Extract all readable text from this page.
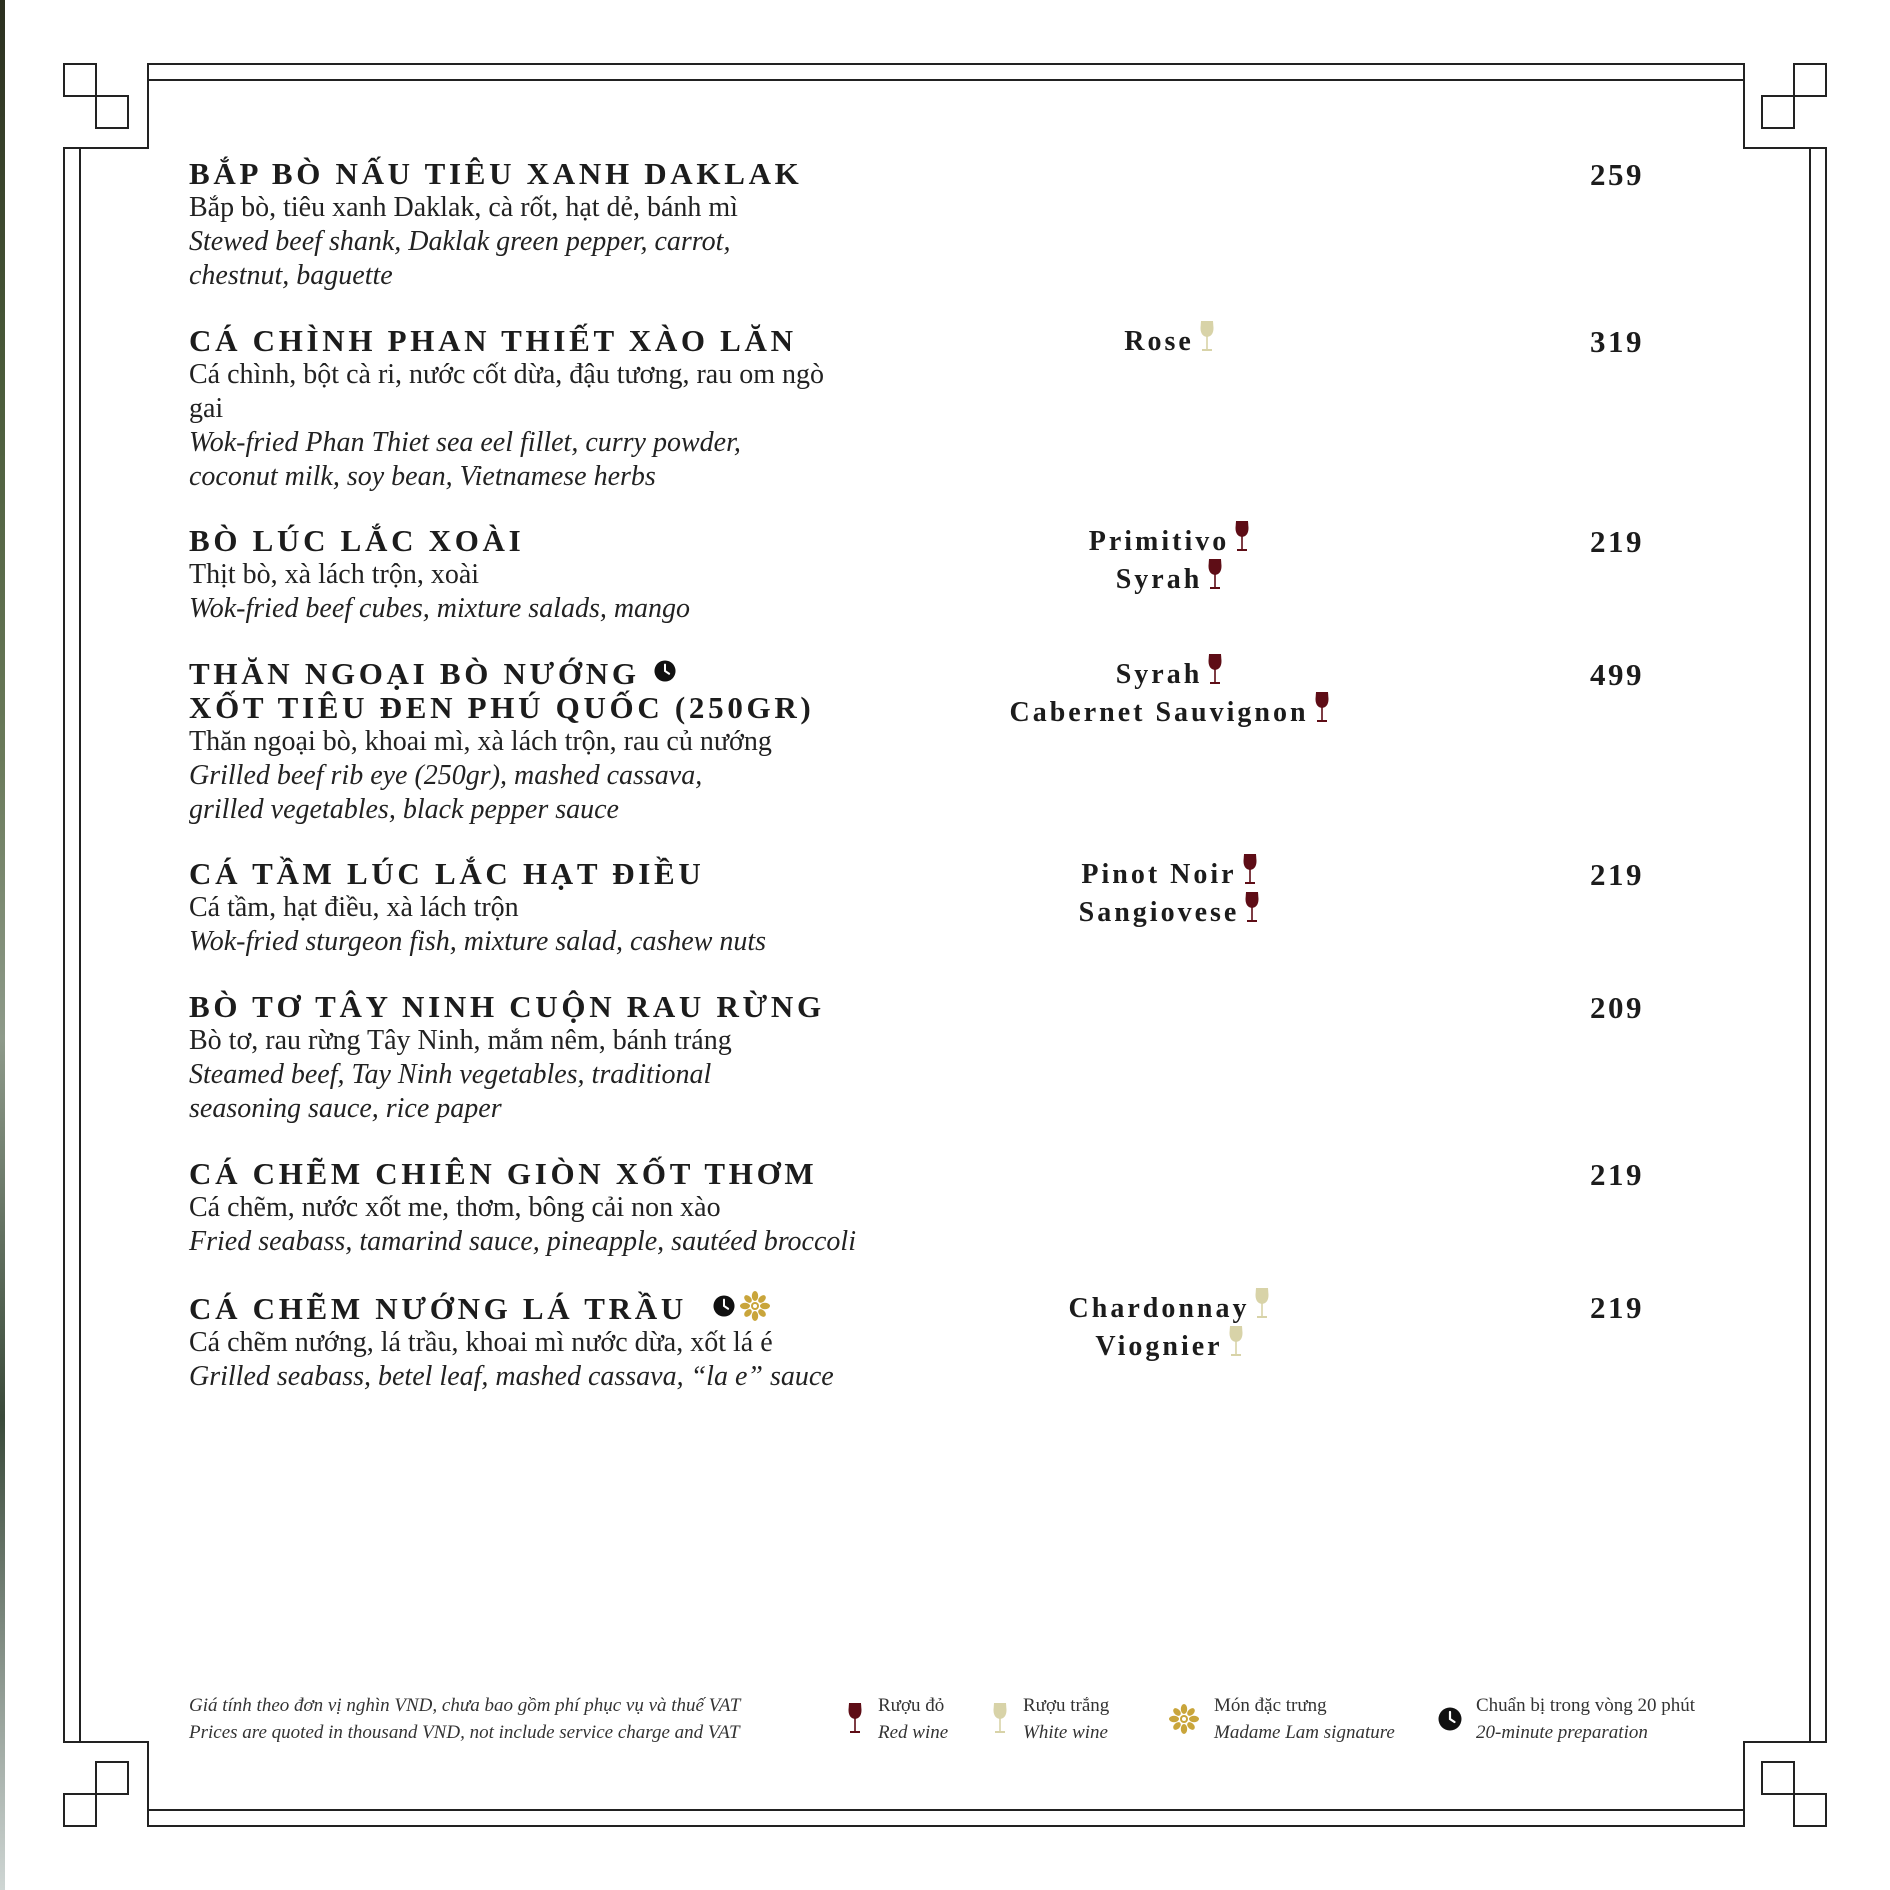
BẮP BÒ NẤU TIÊU XANH DAKLAK
Bắp bò, tiêu xanh Daklak, cà rốt, hạt dẻ, bánh mì
Stewed beef shank, Daklak green pepper, carrot, chestnut, baguette
259
CÁ CHÌNH PHAN THIẾT XÀO LĂN
Cá chình, bột cà ri, nước cốt dừa, đậu tương, rau om ngò gai
Wok-fried Phan Thiet sea eel fillet, curry powder, coconut milk, soy bean, Vietnamese herbs
Rose	319
BÒ LÚC LẮC XOÀI
Thịt bò, xà lách trộn, xoài
Wok-fried beef cubes, mixture salads, mango
Primitivo
Syrah
219
THĂN NGOẠI BÒ NƯỚNG
XỐT TIÊU ĐEN PHÚ QUỐC (250GR)
Thăn ngoại bò, khoai mì, xà lách trộn, rau củ nướng
Grilled beef rib eye (250gr), mashed cassava, grilled vegetables, black pepper sauce
Syrah
Cabernet Sauvignon
499
CÁ TẦM LÚC LẮC HẠT ĐIỀU
Cá tầm, hạt điều, xà lách trộn
Wok-fried sturgeon fish, mixture salad, cashew nuts
Pinot Noir
Sangiovese
219
BÒ TƠ TÂY NINH CUỘN RAU RỪNG
Bò tơ, rau rừng Tây Ninh, mắm nêm, bánh tráng
Steamed beef, Tay Ninh vegetables, traditional seasoning sauce, rice paper
209
CÁ CHẼM CHIÊN GIÒN XỐT THƠM
Cá chẽm, nước xốt me, thơm, bông cải non xào
Fried seabass, tamarind sauce, pineapple, sautéed broccoli
219
CÁ CHẼM NƯỚNG LÁ TRẦU
Cá chẽm nướng, lá trầu, khoai mì nước dừa, xốt lá é
Grilled seabass, betel leaf, mashed cassava, “la e” sauce
Chardonnay
Viognier
219
Giá tính theo đơn vị nghìn VND, chưa bao gồm phí phục vụ và thuế VAT
Prices are quoted in thousand VND, not include service charge and VAT
Rượu đỏ
Red wine
Rượu trắng
White wine
Món đặc trưng
Madame Lam signature
Chuẩn bị trong vòng 20 phút
20-minute preparation
